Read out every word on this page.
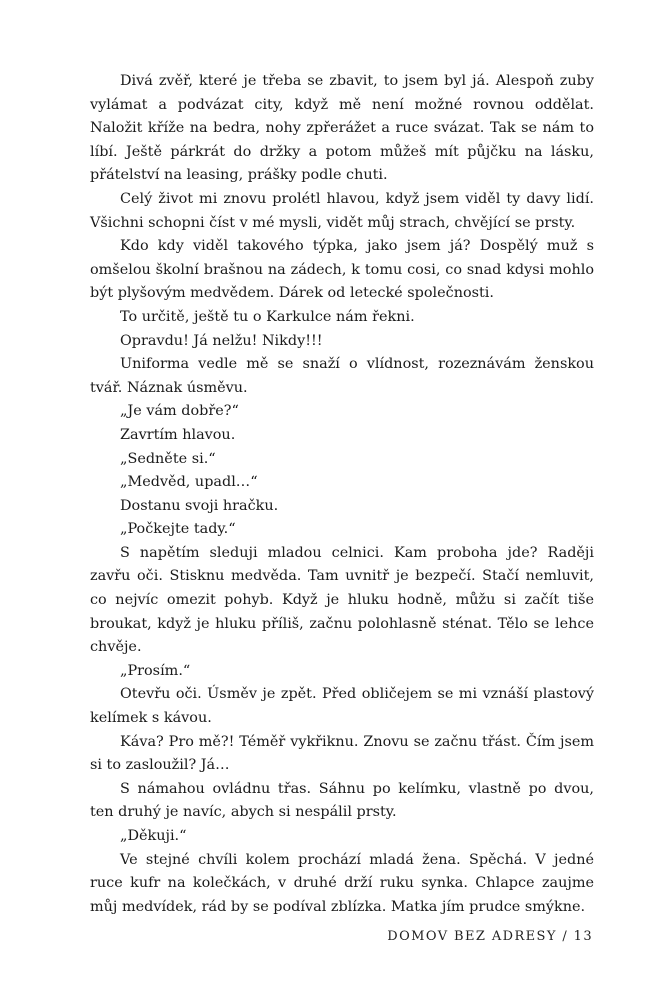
Divá zvěř, které je třeba se zbavit, to jsem byl já. Alespoň zuby vylámat a podvázat city, když mě není možné rovnou oddělat. Naložit kříže na bedra, nohy zpřerážet a ruce svázat. Tak se nám to líbí. Ještě párkrát do držky a potom můžeš mít půjčku na lásku, přátelství na leasing, prášky podle chuti.

Celý život mi znovu prolétl hlavou, když jsem viděl ty davy lidí. Všichni schopni číst v mé mysli, vidět můj strach, chvějící se prsty.

Kdo kdy viděl takového týpka, jako jsem já? Dospělý muž s omšelou školní brašnou na zádech, k tomu cosi, co snad kdysi mohlo být plyšovým medvědem. Dárek od letecké společnosti.

To určitě, ještě tu o Karkulce nám řekni.

Opravdu! Já nelžu! Nikdy!!!

Uniforma vedle mě se snaží o vlídnost, rozeznávám ženskou tvář. Náznak úsměvu.

„Je vám dobře?“

Zavrtím hlavou.

„Sedněte si.“

„Medvěd, upadl…“

Dostanu svoji hračku.

„Počkejte tady.“

S napětím sleduji mladou celnici. Kam proboha jde? Raději zavřu oči. Stisknu medvěda. Tam uvnitř je bezpečí. Stačí nemluvit, co nejvíc omezit pohyb. Když je hluku hodně, můžu si začít tiše broukat, když je hluku příliš, začnu polohlasně sténat. Tělo se lehce chvěje.

„Prosím.“

Otevřu oči. Úsměv je zpět. Před obličejem se mi vznáší plastový kelímek s kávou.

Káva? Pro mě?! Téměř vykřiknu. Znovu se začnu třást. Čím jsem si to zasloužil? Já…

S námahou ovládnu třas. Sáhnu po kelímku, vlastně po dvou, ten druhý je navíc, abych si nespálil prsty.

„Děkuji.“

Ve stejné chvíli kolem prochází mladá žena. Spěchá. V jedné ruce kufr na kolečkách, v druhé drží ruku synka. Chlapce zaujme můj medvídek, rád by se podíval zblízka. Matka jím prudce smýkne.

DOMOV BEZ ADRESY / 13
